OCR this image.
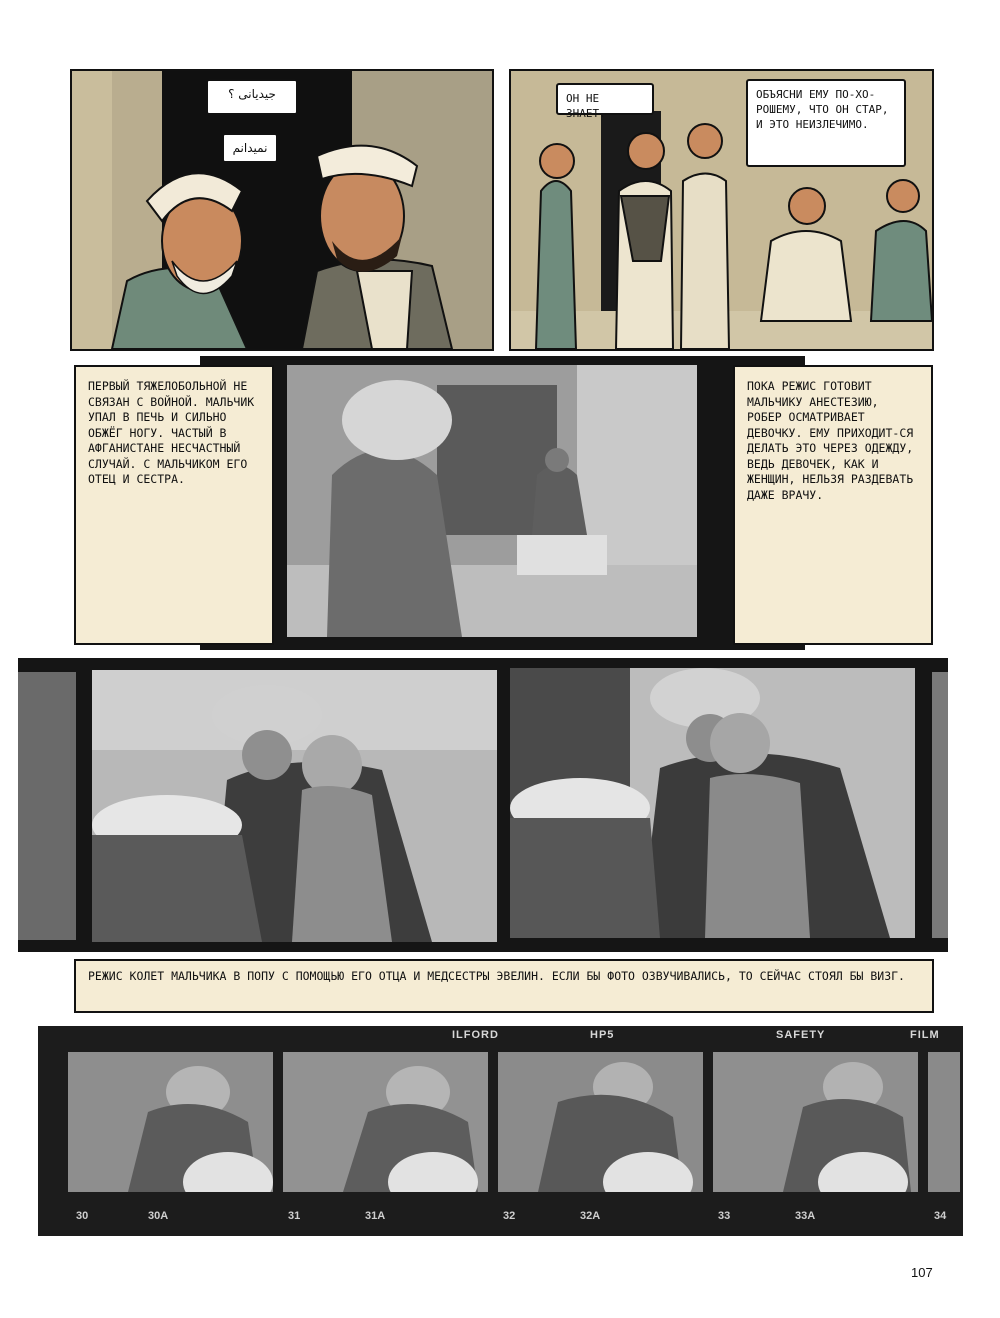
جیدیانی ؟
نمیدانم
ОН НЕ ЗНАЕТ.
ОБЪЯСНИ ЕМУ ПО-ХО-РОШЕМУ, ЧТО ОН СТАР, И ЭТО НЕИЗЛЕЧИМО.
ПЕРВЫЙ ТЯЖЕЛОБОЛЬНОЙ НЕ СВЯЗАН С ВОЙНОЙ. МАЛЬЧИК УПАЛ В ПЕЧЬ И СИЛЬНО ОБЖЁГ НОГУ. ЧАСТЫЙ В АФГАНИСТАНЕ НЕСЧАСТНЫЙ СЛУЧАЙ. С МАЛЬЧИКОМ ЕГО ОТЕЦ И СЕСТРА.
ПОКА РЕЖИС ГОТОВИТ МАЛЬЧИКУ АНЕСТЕЗИЮ, РОБЕР ОСМАТРИВАЕТ ДЕВОЧКУ. ЕМУ ПРИХОДИТ-СЯ ДЕЛАТЬ ЭТО ЧЕРЕЗ ОДЕЖДУ, ВЕДЬ ДЕВОЧЕК, КАК И ЖЕНЩИН, НЕЛЬЗЯ РАЗДЕВАТЬ ДАЖЕ ВРАЧУ.
РЕЖИС КОЛЕТ МАЛЬЧИКА В ПОПУ С ПОМОЩЬЮ ЕГО ОТЦА И МЕДСЕСТРЫ ЭВЕЛИН. ЕСЛИ БЫ ФОТО ОЗВУЧИВАЛИСЬ, ТО СЕЙЧАС СТОЯЛ БЫ ВИЗГ.
ILFORD	HP5	SAFETY	FILM
30	30A	31	31A	32	32A	33	33A	34
107
